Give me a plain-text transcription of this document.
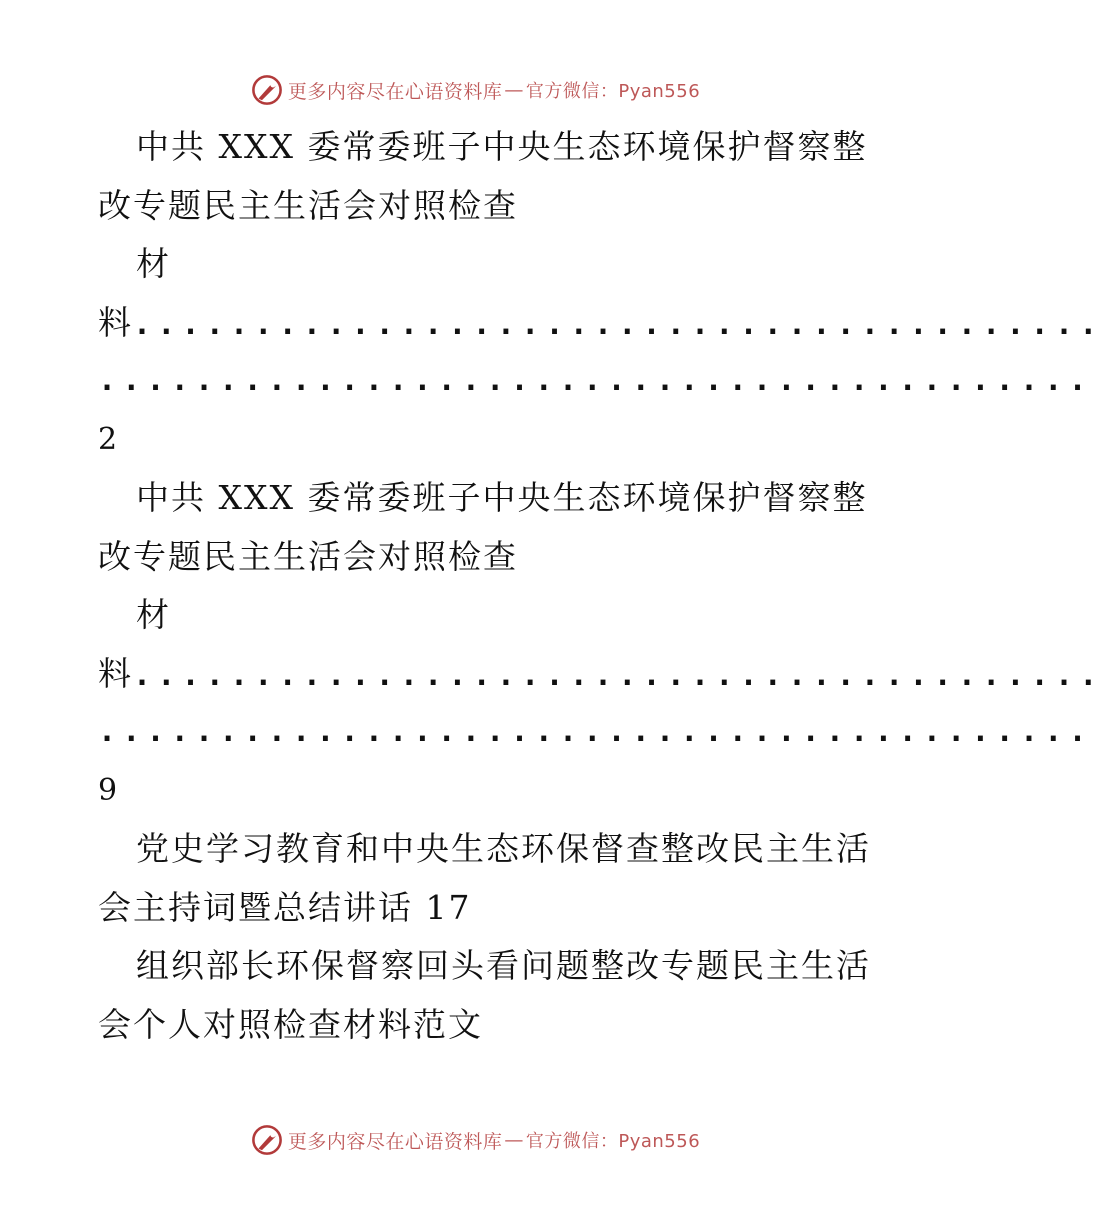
更多内容尽在心语资料库 — 官方微信：Pyan556
中共 XXX 委常委班子中央生态环境保护督察整
改专题民主生活会对照检查
材
料........................................
.........................................
2
中共 XXX 委常委班子中央生态环境保护督察整
改专题民主生活会对照检查
材
料........................................
.........................................
9
党史学习教育和中央生态环保督查整改民主生活
会主持词暨总结讲话 17
组织部长环保督察回头看问题整改专题民主生活
会个人对照检查材料范文
更多内容尽在心语资料库 — 官方微信：Pyan556
